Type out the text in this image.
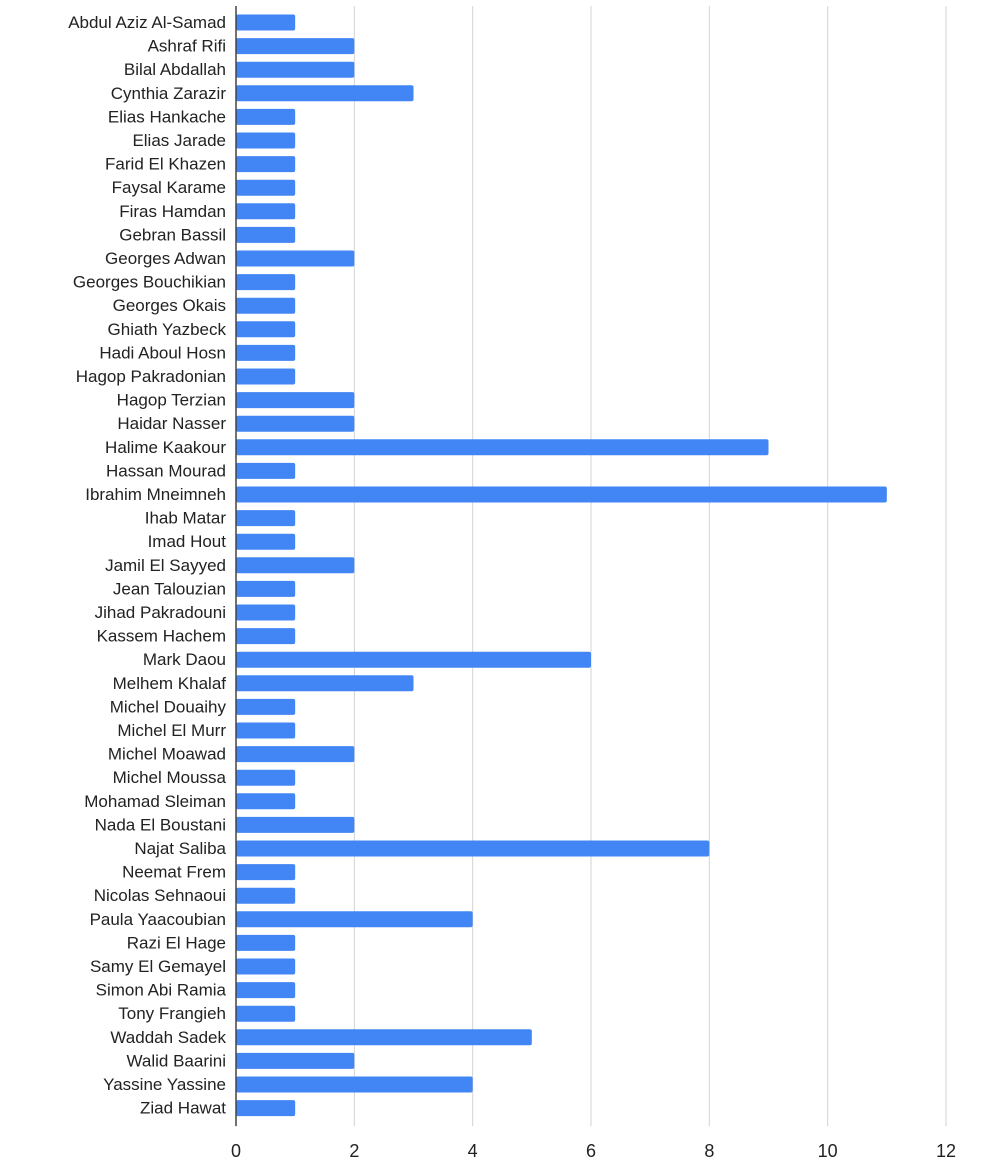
Abdul Aziz Al-Samad
Ashraf Rifi
Bilal Abdallah
Cynthia Zarazir
Elias Hankache
Elias Jarade
Farid El Khazen
Faysal Karame
Firas Hamdan
Gebran Bassil
Georges Adwan
Georges Bouchikian
Georges Okais
Ghiath Yazbeck
Hadi Aboul Hosn
Hagop Pakradonian
Hagop Terzian
Haidar Nasser
Halime Kaakour
Hassan Mourad
Ibrahim Mneimneh
Ihab Matar
Imad Hout
Jamil El Sayyed
Jean Talouzian
Jihad Pakradouni
Kassem Hachem
Mark Daou
Melhem Khalaf
Michel Douaihy
Michel El Murr
Michel Moawad
Michel Moussa
Mohamad Sleiman
Nada El Boustani
Najat Saliba
Neemat Frem
Nicolas Sehnaoui
Paula Yaacoubian
Razi El Hage
Samy El Gemayel
Simon Abi Ramia
Tony Frangieh
Waddah Sadek
Walid Baarini
Yassine Yassine
Ziad Hawat
0	2	4	6	8	10	12
